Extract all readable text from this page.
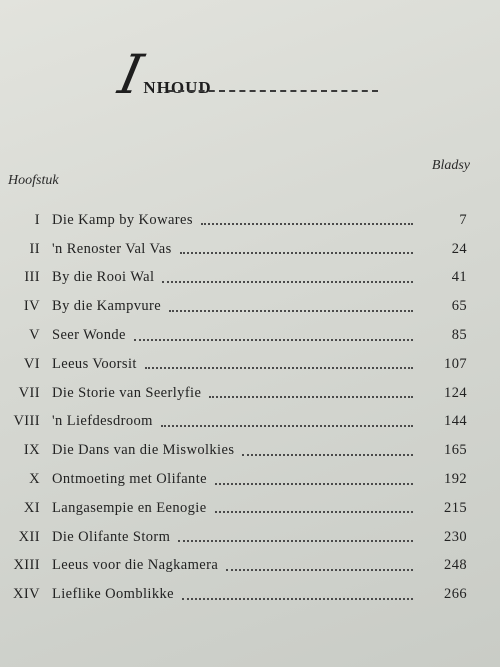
I
NHOUD
Bladsy
Hoofstuk
I Die Kamp by Kowares	7
II 'n Renoster Val Vas	24
III By die Rooi Wal	41
IV By die Kampvure	65
V Seer Wonde	85
VI Leeus Voorsit	107
VII Die Storie van Seerlyfie	124
VIII 'n Liefdesdroom	144
IX Die Dans van die Miswolkies	165
X Ontmoeting met Olifante	192
XI Langasempie en Eenogie	215
XII Die Olifante Storm	230
XIII Leeus voor die Nagkamera	248
XIV Lieflike Oomblikke	266
